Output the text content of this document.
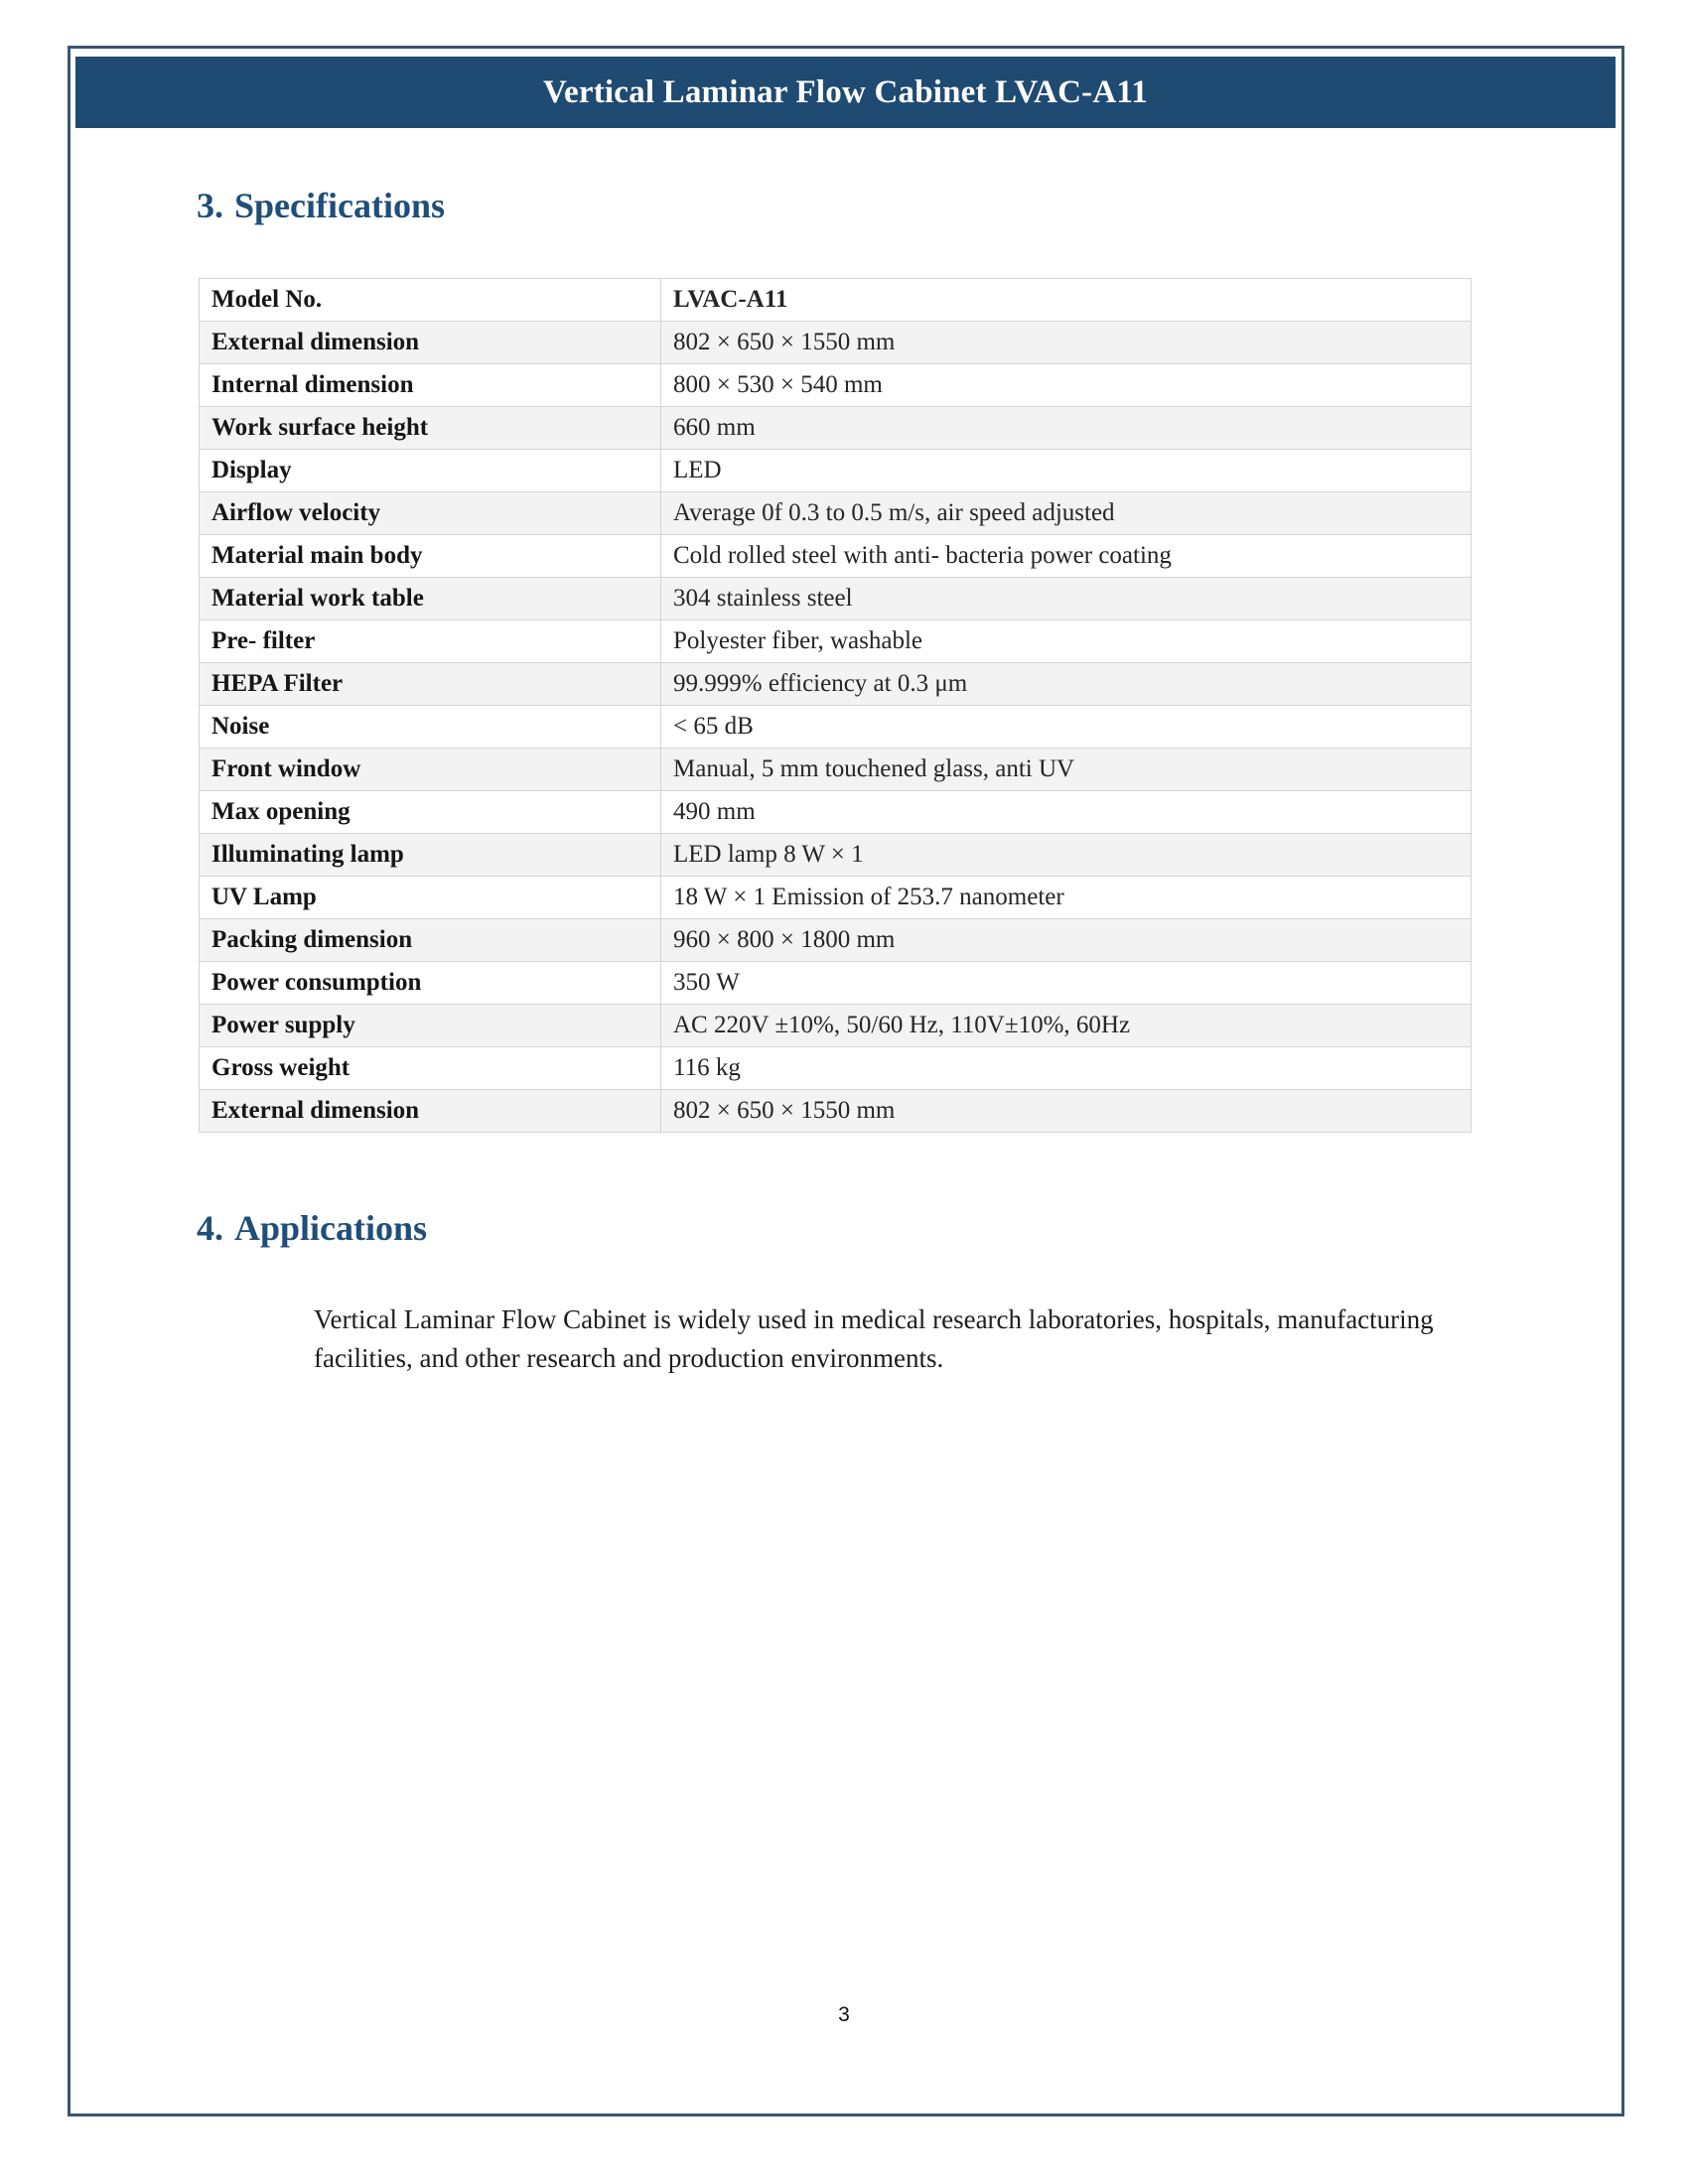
Vertical Laminar Flow Cabinet LVAC-A11
3. Specifications
Model No.	LVAC-A11
External dimension	802 × 650 × 1550 mm
Internal dimension	800 × 530 × 540 mm
Work surface height	660 mm
Display	LED
Airflow velocity	Average 0f 0.3 to 0.5 m/s, air speed adjusted
Material main body	Cold rolled steel with anti- bacteria power coating
Material work table	304 stainless steel
Pre- filter	Polyester fiber, washable
HEPA Filter	99.999% efficiency at 0.3 μm
Noise	< 65 dB
Front window	Manual, 5 mm touchened glass, anti UV
Max opening	490 mm
Illuminating lamp	LED lamp 8 W × 1
UV Lamp	18 W × 1 Emission of 253.7 nanometer
Packing dimension	960 × 800 × 1800 mm
Power consumption	350 W
Power supply	AC 220V ±10%, 50/60 Hz, 110V±10%, 60Hz
Gross weight	116 kg
External dimension	802 × 650 × 1550 mm
4. Applications

Vertical Laminar Flow Cabinet is widely used in medical research laboratories, hospitals, manufacturing facilities, and other research and production environments.

3
